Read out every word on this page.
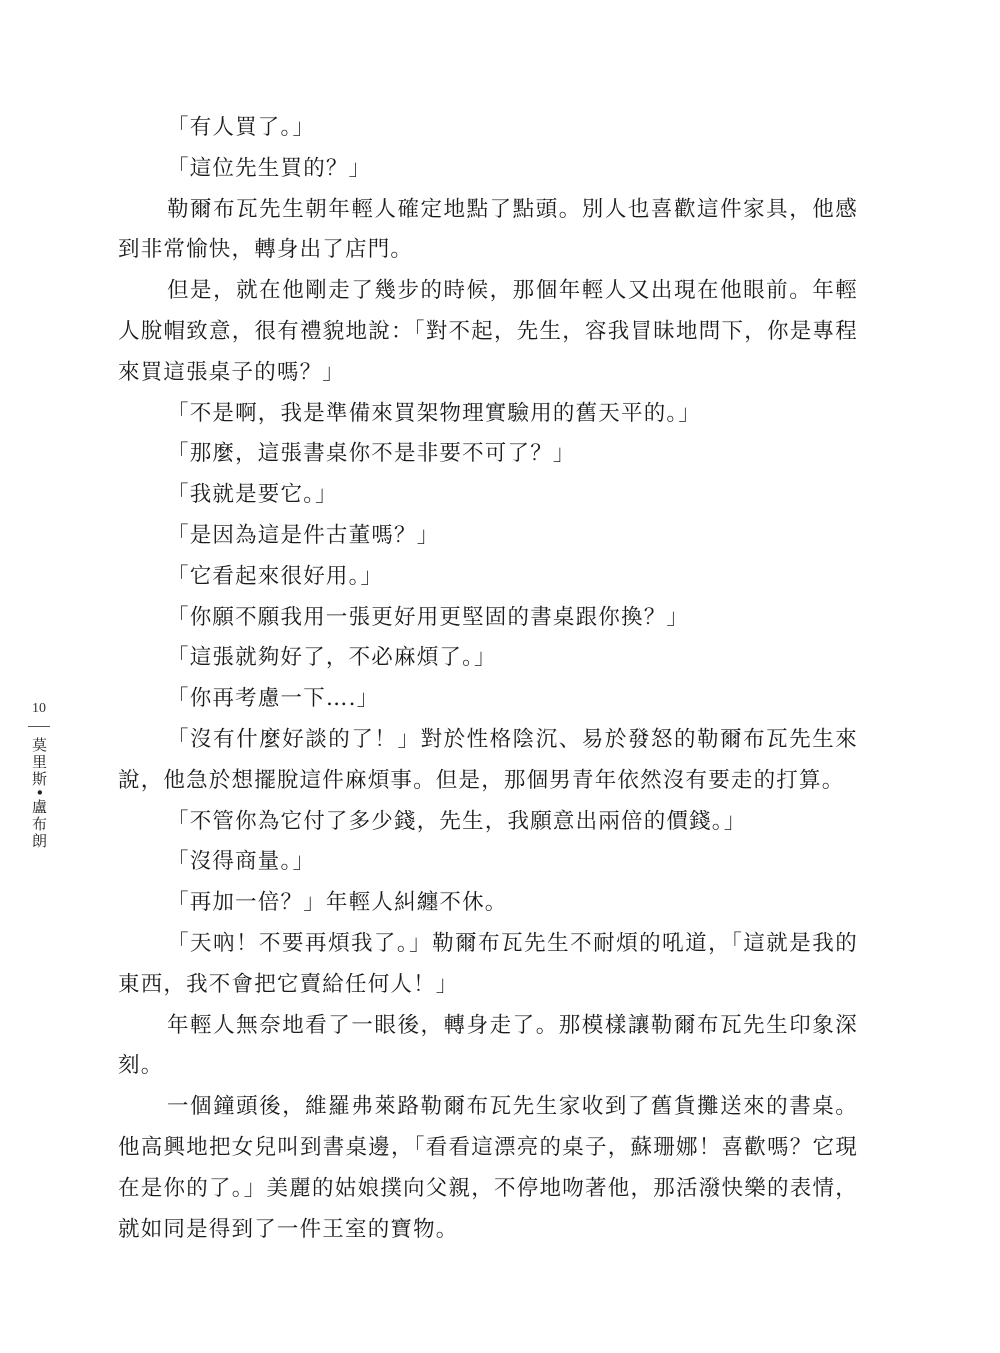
「有人買了。」

「這位先生買的？」

勒爾布瓦先生朝年輕人確定地點了點頭。別人也喜歡這件家具，他感到非常愉快，轉身出了店門。

但是，就在他剛走了幾步的時候，那個年輕人又出現在他眼前。年輕人脫帽致意，很有禮貌地說：「對不起，先生，容我冒昧地問下，你是專程來買這張桌子的嗎？」

「不是啊，我是準備來買架物理實驗用的舊天平的。」

「那麼，這張書桌你不是非要不可了？」

「我就是要它。」

「是因為這是件古董嗎？」

「它看起來很好用。」

「你願不願我用一張更好用更堅固的書桌跟你換？」

「這張就夠好了，不必麻煩了。」

「你再考慮一下….」

「沒有什麼好談的了！」對於性格陰沉、易於發怒的勒爾布瓦先生來說，他急於想擺脫這件麻煩事。但是，那個男青年依然沒有要走的打算。

「不管你為它付了多少錢，先生，我願意出兩倍的價錢。」

「沒得商量。」

「再加一倍？」年輕人糾纏不休。

「天吶！不要再煩我了。」勒爾布瓦先生不耐煩的吼道，「這就是我的東西，我不會把它賣給任何人！」

年輕人無奈地看了一眼後，轉身走了。那模樣讓勒爾布瓦先生印象深刻。

一個鐘頭後，維羅弗萊路勒爾布瓦先生家收到了舊貨攤送來的書桌。他高興地把女兒叫到書桌邊，「看看這漂亮的桌子，蘇珊娜！喜歡嗎？它現在是你的了。」美麗的姑娘撲向父親，不停地吻著他，那活潑快樂的表情，就如同是得到了一件王室的寶物。

10
莫里斯•盧布朗
